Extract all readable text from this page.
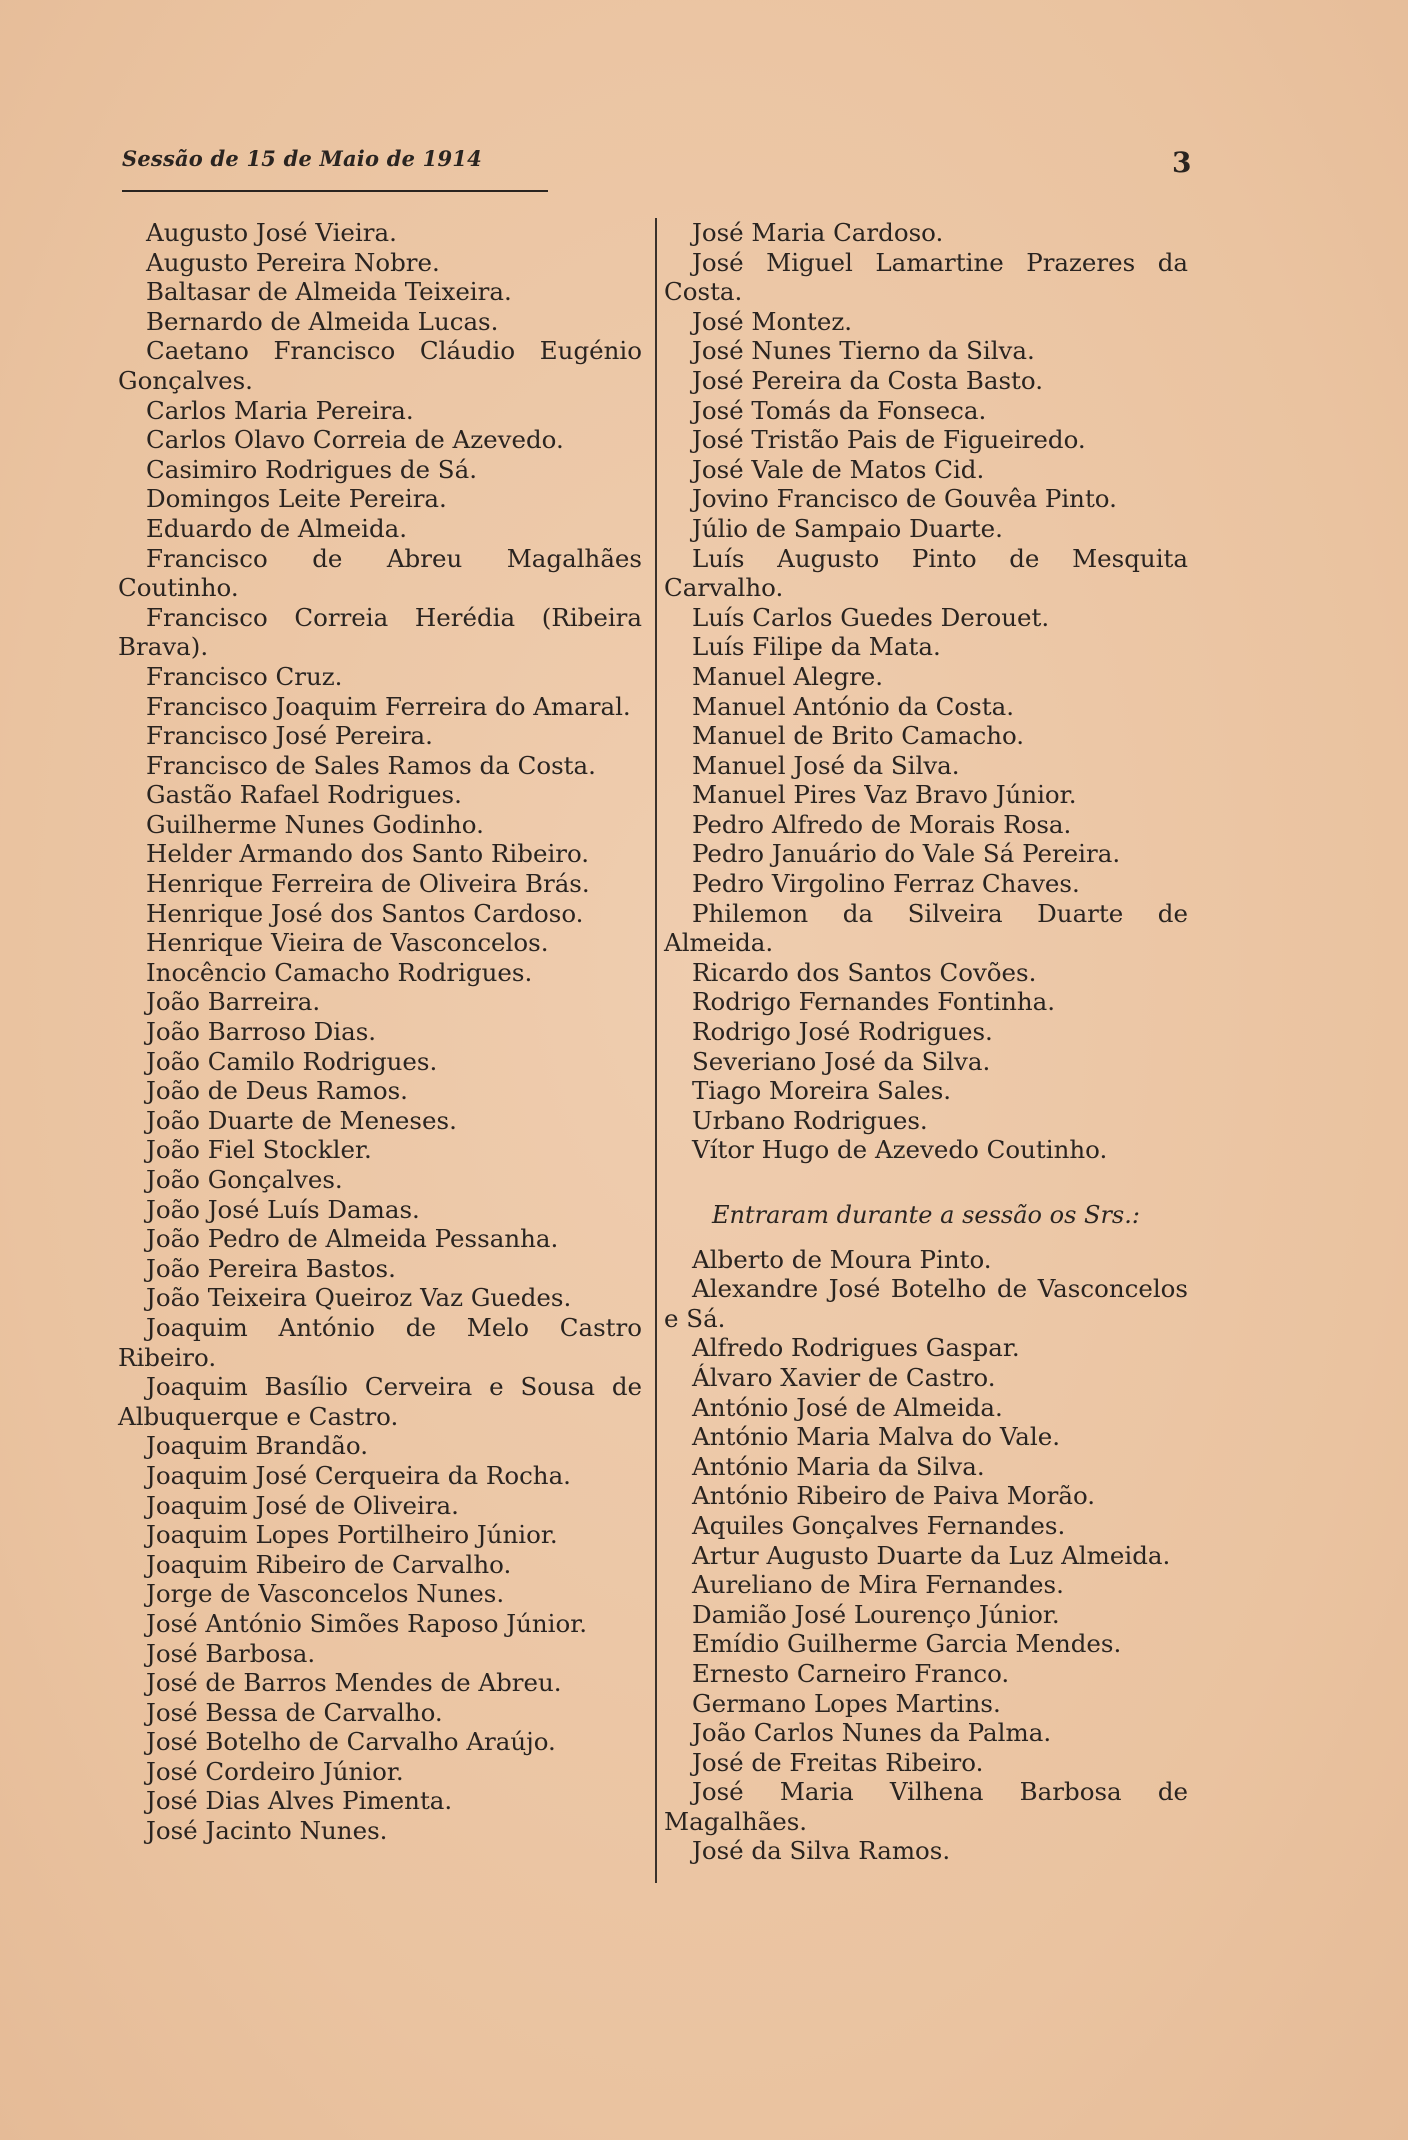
Sessão de 15 de Maio de 1914	3

Augusto José Vieira.

Augusto Pereira Nobre.

Baltasar de Almeida Teixeira.

Bernardo de Almeida Lucas.

Caetano Francisco Cláudio Eugénio Gonçalves.

Carlos Maria Pereira.

Carlos Olavo Correia de Azevedo.

Casimiro Rodrigues de Sá.

Domingos Leite Pereira.

Eduardo de Almeida.

Francisco de Abreu Magalhães Coutinho.

Francisco Correia Herédia (Ribeira Brava).

Francisco Cruz.

Francisco Joaquim Ferreira do Amaral.

Francisco José Pereira.

Francisco de Sales Ramos da Costa.

Gastão Rafael Rodrigues.

Guilherme Nunes Godinho.

Helder Armando dos Santo Ribeiro.

Henrique Ferreira de Oliveira Brás.

Henrique José dos Santos Cardoso.

Henrique Vieira de Vasconcelos.

Inocêncio Camacho Rodrigues.

João Barreira.

João Barroso Dias.

João Camilo Rodrigues.

João de Deus Ramos.

João Duarte de Meneses.

João Fiel Stockler.

João Gonçalves.

João José Luís Damas.

João Pedro de Almeida Pessanha.

João Pereira Bastos.

João Teixeira Queiroz Vaz Guedes.

Joaquim António de Melo Castro Ribeiro.

Joaquim Basílio Cerveira e Sousa de Albuquerque e Castro.

Joaquim Brandão.

Joaquim José Cerqueira da Rocha.

Joaquim José de Oliveira.

Joaquim Lopes Portilheiro Júnior.

Joaquim Ribeiro de Carvalho.

Jorge de Vasconcelos Nunes.

José António Simões Raposo Júnior.

José Barbosa.

José de Barros Mendes de Abreu.

José Bessa de Carvalho.

José Botelho de Carvalho Araújo.

José Cordeiro Júnior.

José Dias Alves Pimenta.

José Jacinto Nunes.

José Maria Cardoso.

José Miguel Lamartine Prazeres da Costa.

José Montez.

José Nunes Tierno da Silva.

José Pereira da Costa Basto.

José Tomás da Fonseca.

José Tristão Pais de Figueiredo.

José Vale de Matos Cid.

Jovino Francisco de Gouvêa Pinto.

Júlio de Sampaio Duarte.

Luís Augusto Pinto de Mesquita Carvalho.

Luís Carlos Guedes Derouet.

Luís Filipe da Mata.

Manuel Alegre.

Manuel António da Costa.

Manuel de Brito Camacho.

Manuel José da Silva.

Manuel Pires Vaz Bravo Júnior.

Pedro Alfredo de Morais Rosa.

Pedro Januário do Vale Sá Pereira.

Pedro Virgolino Ferraz Chaves.

Philemon da Silveira Duarte de Almeida.

Ricardo dos Santos Covões.

Rodrigo Fernandes Fontinha.

Rodrigo José Rodrigues.

Severiano José da Silva.

Tiago Moreira Sales.

Urbano Rodrigues.

Vítor Hugo de Azevedo Coutinho.

Entraram durante a sessão os Srs.:

Alberto de Moura Pinto.

Alexandre José Botelho de Vasconcelos e Sá.

Alfredo Rodrigues Gaspar.

Álvaro Xavier de Castro.

António José de Almeida.

António Maria Malva do Vale.

António Maria da Silva.

António Ribeiro de Paiva Morão.

Aquiles Gonçalves Fernandes.

Artur Augusto Duarte da Luz Almeida.

Aureliano de Mira Fernandes.

Damião José Lourenço Júnior.

Emídio Guilherme Garcia Mendes.

Ernesto Carneiro Franco.

Germano Lopes Martins.

João Carlos Nunes da Palma.

José de Freitas Ribeiro.

José Maria Vilhena Barbosa de Magalhães.

José da Silva Ramos.
